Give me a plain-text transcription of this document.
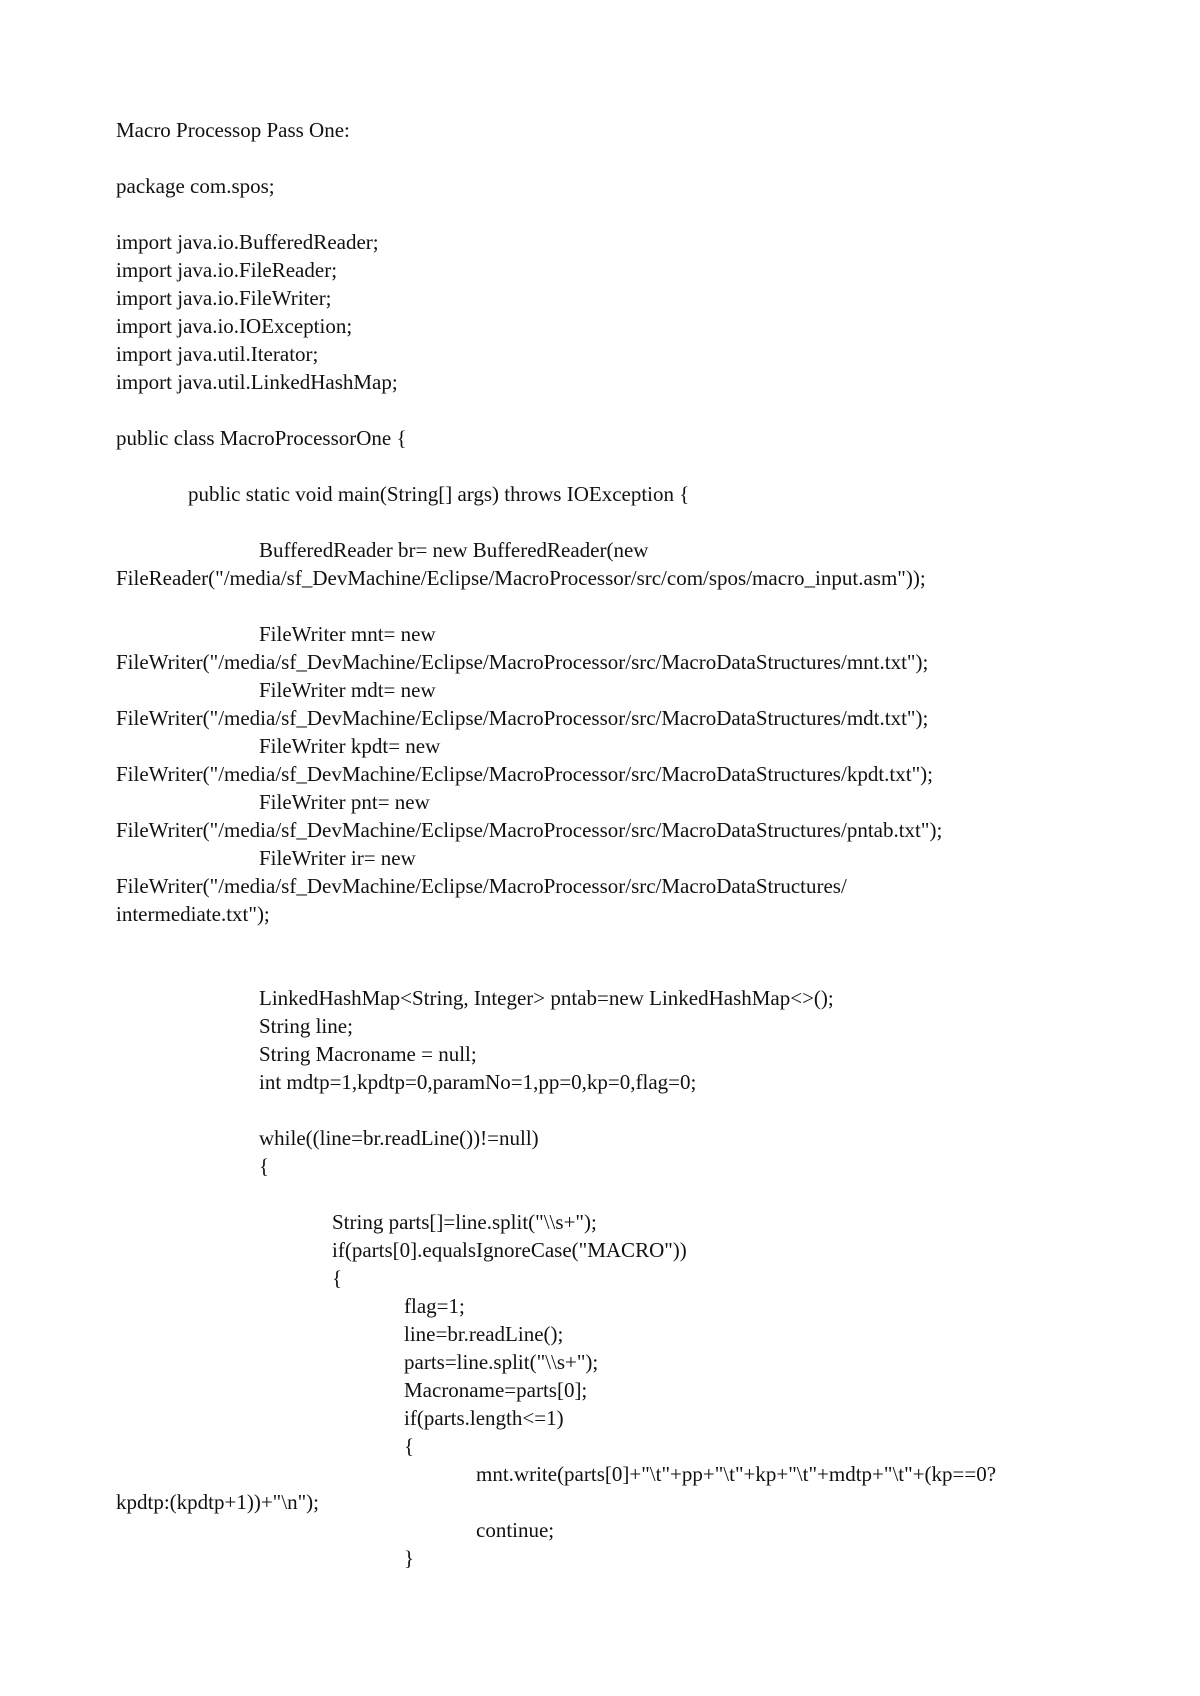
Macro Processop Pass One:
package com.spos;
import java.io.BufferedReader;
import java.io.FileReader;
import java.io.FileWriter;
import java.io.IOException;
import java.util.Iterator;
import java.util.LinkedHashMap;
public class MacroProcessorOne {
public static void main(String[] args) throws IOException {
BufferedReader br= new BufferedReader(new
FileReader("/media/sf_DevMachine/Eclipse/MacroProcessor/src/com/spos/macro_input.asm"));
FileWriter mnt= new
FileWriter("/media/sf_DevMachine/Eclipse/MacroProcessor/src/MacroDataStructures/mnt.txt");
FileWriter mdt= new
FileWriter("/media/sf_DevMachine/Eclipse/MacroProcessor/src/MacroDataStructures/mdt.txt");
FileWriter kpdt= new
FileWriter("/media/sf_DevMachine/Eclipse/MacroProcessor/src/MacroDataStructures/kpdt.txt");
FileWriter pnt= new
FileWriter("/media/sf_DevMachine/Eclipse/MacroProcessor/src/MacroDataStructures/pntab.txt");
FileWriter ir= new
FileWriter("/media/sf_DevMachine/Eclipse/MacroProcessor/src/MacroDataStructures/
intermediate.txt");
LinkedHashMap<String, Integer> pntab=new LinkedHashMap<>();
String line;
String Macroname = null;
int mdtp=1,kpdtp=0,paramNo=1,pp=0,kp=0,flag=0;
while((line=br.readLine())!=null)
{
String parts[]=line.split("\\s+");
if(parts[0].equalsIgnoreCase("MACRO"))
{
flag=1;
line=br.readLine();
parts=line.split("\\s+");
Macroname=parts[0];
if(parts.length<=1)
{
mnt.write(parts[0]+"\t"+pp+"\t"+kp+"\t"+mdtp+"\t"+(kp==0?
kpdtp:(kpdtp+1))+"\n");
continue;
}
